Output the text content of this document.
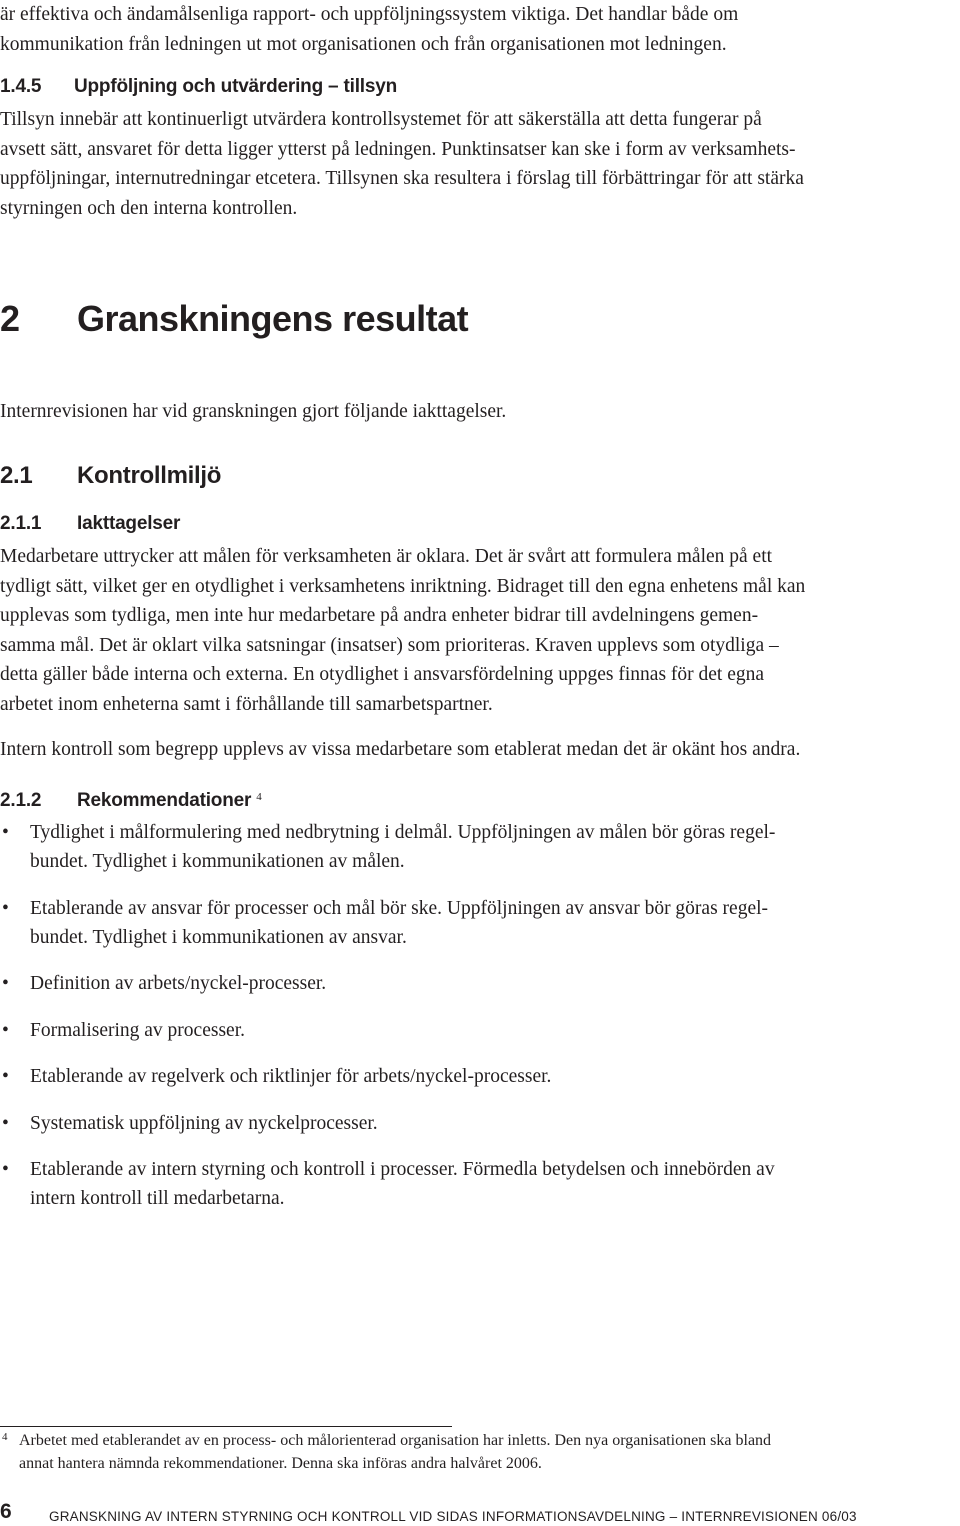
är effektiva och ändamålsenliga rapport- och uppföljningssystem viktiga. Det handlar både om
kommunikation från ledningen ut mot organisationen och från organisationen mot ledningen.
1.4.5 Uppföljning och utvärdering – tillsyn
Tillsyn innebär att kontinuerligt utvärdera kontrollsystemet för att säkerställa att detta fungerar på
avsett sätt, ansvaret för detta ligger ytterst på ledningen. Punktinsatser kan ske i form av verksamhets-
uppföljningar, internutredningar etcetera. Tillsynen ska resultera i förslag till förbättringar för att stärka
styrningen och den interna kontrollen.
2 Granskningens resultat
Internrevisionen har vid granskningen gjort följande iakttagelser.
2.1 Kontrollmiljö
2.1.1 Iakttagelser
Medarbetare uttrycker att målen för verksamheten är oklara. Det är svårt att formulera målen på ett
tydligt sätt, vilket ger en otydlighet i verksamhetens inriktning. Bidraget till den egna enhetens mål kan
upplevas som tydliga, men inte hur medarbetare på andra enheter bidrar till avdelningens gemen-
samma mål. Det är oklart vilka satsningar (insatser) som prioriteras. Kraven upplevs som otydliga –
detta gäller både interna och externa. En otydlighet i ansvarsfördelning uppges finnas för det egna
arbetet inom enheterna samt i förhållande till samarbetspartner.
Intern kontroll som begrepp upplevs av vissa medarbetare som etablerat medan det är okänt hos andra.
2.1.2 Rekommendationer $^4$
• Tydlighet i målformulering med nedbrytning i delmål. Uppföljningen av målen bör göras regel-
bundet. Tydlighet i kommunikationen av målen.
• Etablerande av ansvar för processer och mål bör ske. Uppföljningen av ansvar bör göras regel-
bundet. Tydlighet i kommunikationen av ansvar.
• Definition av arbets/nyckel-processer.
• Formalisering av processer.
• Etablerande av regelverk och riktlinjer för arbets/nyckel-processer.
• Systematisk uppföljning av nyckelprocesser.
• Etablerande av intern styrning och kontroll i processer. Förmedla betydelsen och innebörden av
intern kontroll till medarbetarna.
4 Arbetet med etablerandet av en process- och målorienterad organisation har inletts. Den nya organisationen ska bland
annat hantera nämnda rekommendationer. Denna ska införas andra halvåret 2006.
6	GRANSKNING AV INTERN STYRNING OCH KONTROLL VID SIDAS INFORMATIONSAVDELNING – INTERNREVISIONEN 06/03
